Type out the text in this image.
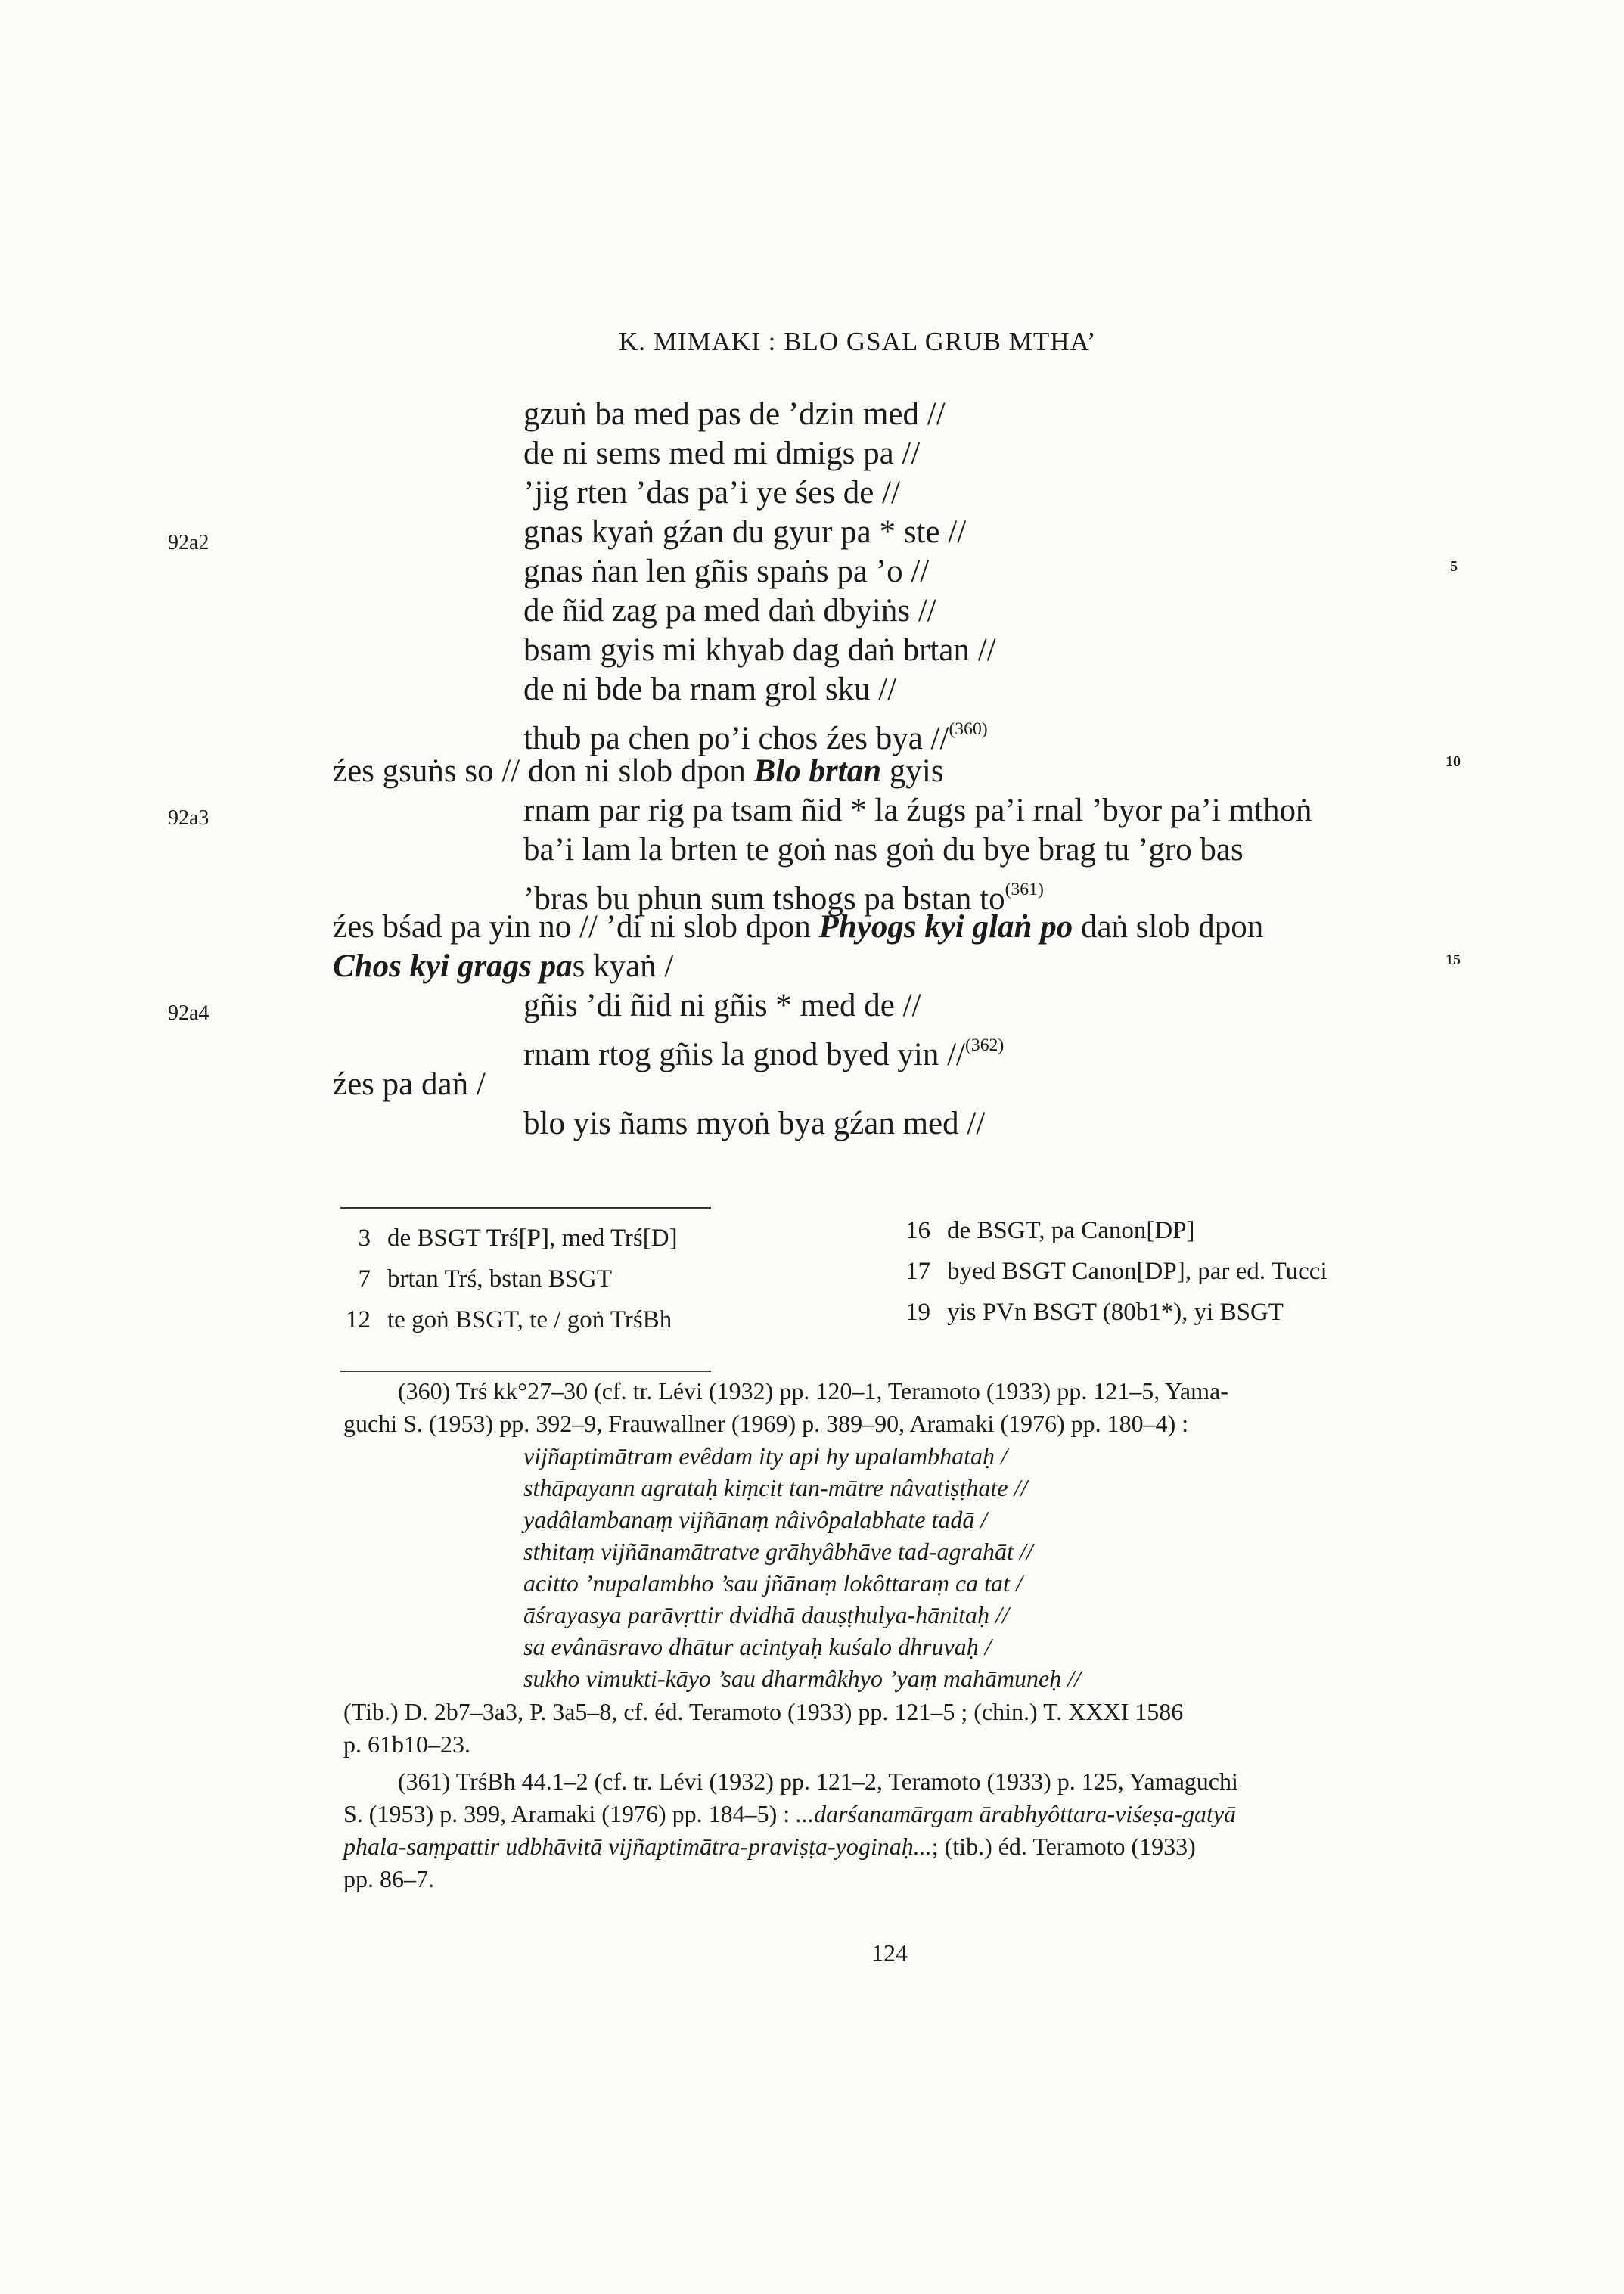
K. MIMAKI : BLO GSAL GRUB MTHA’
gzuṅ ba med pas de ’dzin med //
de ni sems med mi dmigs pa //
’jig rten ’das pa’i ye śes de //
gnas kyaṅ gźan du gyur pa * ste //
gnas ṅan len gñis spaṅs pa ’o //
de ñid zag pa med daṅ dbyiṅs //
bsam gyis mi khyab dag daṅ brtan //
de ni bde ba rnam grol sku //
thub pa chen po’i chos źes bya //$^{(360)}$
źes gsuṅs so // don ni slob dpon Blo brtan gyis
rnam par rig pa tsam ñid * la źugs pa’i rnal ’byor pa’i mthoṅ
ba’i lam la brten te goṅ nas goṅ du bye brag tu ’gro bas
’bras bu phun sum tshogs pa bstan $to^{(361)}$
źes bśad pa yin no // ’di ni slob dpon Phyogs kyi glaṅ po daṅ slob dpon
Chos kyi grags pas kyaṅ /
gñis ’di ñid ni gñis * med de //
rnam rtog gñis la gnod byed yin //$^{(362)}$
źes pa daṅ /
blo yis ñams myoṅ bya gźan med //
92a2
92a3
92a4
5
10
15
3 de BSGT Trś[P], med Trś[D]
7 brtan Trś, bstan BSGT
12 te goṅ BSGT, te / goṅ TrśBh
16 de BSGT, pa Canon[DP]
17 byed BSGT Canon[DP], par ed. Tucci
19 yis PVn BSGT (80b1*), yi BSGT
(360) Trś kk°27–30 (cf. tr. Lévi (1932) pp. 120–1, Teramoto (1933) pp. 121–5, Yama-
guchi S. (1953) pp. 392–9, Frauwallner (1969) p. 389–90, Aramaki (1976) pp. 180–4) :
vijñaptimātram evêdam ity api hy upalambhataḥ /
sthāpayann agrataḥ kiṃcit tan-mātre nâvatiṣṭhate //
yadâlambanaṃ vijñānaṃ nâivôpalabhate tadā /
sthitaṃ vijñānamātratve grāhyâbhāve tad-agrahāt //
acitto ’nupalambho ’sau jñānaṃ lokôttaraṃ ca tat /
āśrayasya parāvṛttir dvidhā dauṣṭhulya-hānitaḥ //
sa evânāsravo dhātur acintyaḥ kuśalo dhruvaḥ /
sukho vimukti-kāyo ’sau dharmâkhyo ’yaṃ mahāmuneḥ //
(Tib.) D. 2b7–3a3, P. 3a5–8, cf. éd. Teramoto (1933) pp. 121–5 ; (chin.) T. XXXI 1586
p. 61b10–23.
(361) TrśBh 44.1–2 (cf. tr. Lévi (1932) pp. 121–2, Teramoto (1933) p. 125, Yamaguchi
S. (1953) p. 399, Aramaki (1976) pp. 184–5) : ...darśanamārgam ārabhyôttara-viśeṣa-gatyā
phala-saṃpattir udbhāvitā vijñaptimātra-praviṣṭa-yoginaḥ...; (tib.) éd. Teramoto (1933)
pp. 86–7.
124
